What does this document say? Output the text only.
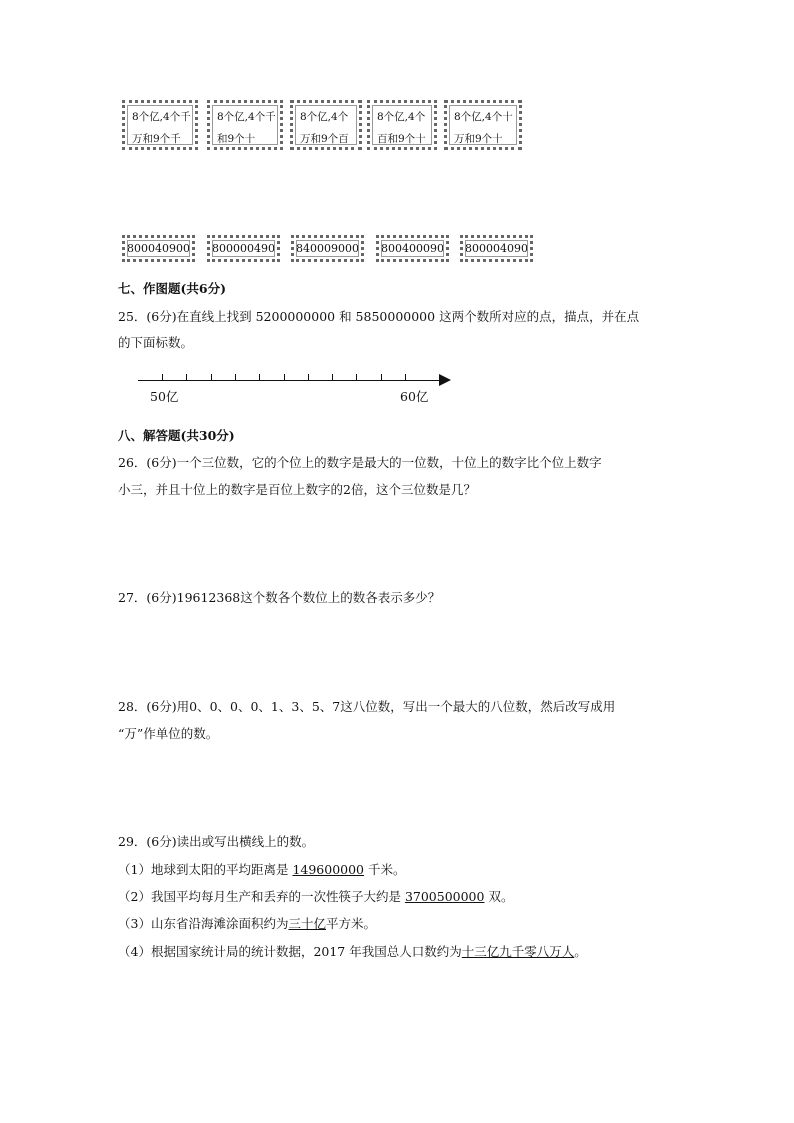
8个亿,4个千
万和9个千
8个亿,4个千
和9个十
8个亿,4个
万和9个百
8个亿,4个
百和9个十
8个亿,4个十
万和9个十
800040900	800000490	840009000	800400090	800004090
七、作图题(共6分)
25．(6分)在直线上找到 5200000000 和 5850000000 这两个数所对应的点，描点，并在点
的下面标数。
50亿	60亿
八、解答题(共30分)
26．(6分)一个三位数，它的个位上的数字是最大的一位数，十位上的数字比个位上数字
小三，并且十位上的数字是百位上数字的2倍，这个三位数是几？
27．(6分)19612368这个数各个数位上的数各表示多少？
28．(6分)用0、0、0、0、1、3、5、7这八位数，写出一个最大的八位数，然后改写成用
“万”作单位的数。
29．(6分)读出或写出横线上的数。
（1）地球到太阳的平均距离是 149600000 千米。
（2）我国平均每月生产和丢弃的一次性筷子大约是 3700500000 双。
（3）山东省沿海滩涂面积约为三十亿平方米。
（4）根据国家统计局的统计数据，2017 年我国总人口数约为十三亿九千零八万人。
